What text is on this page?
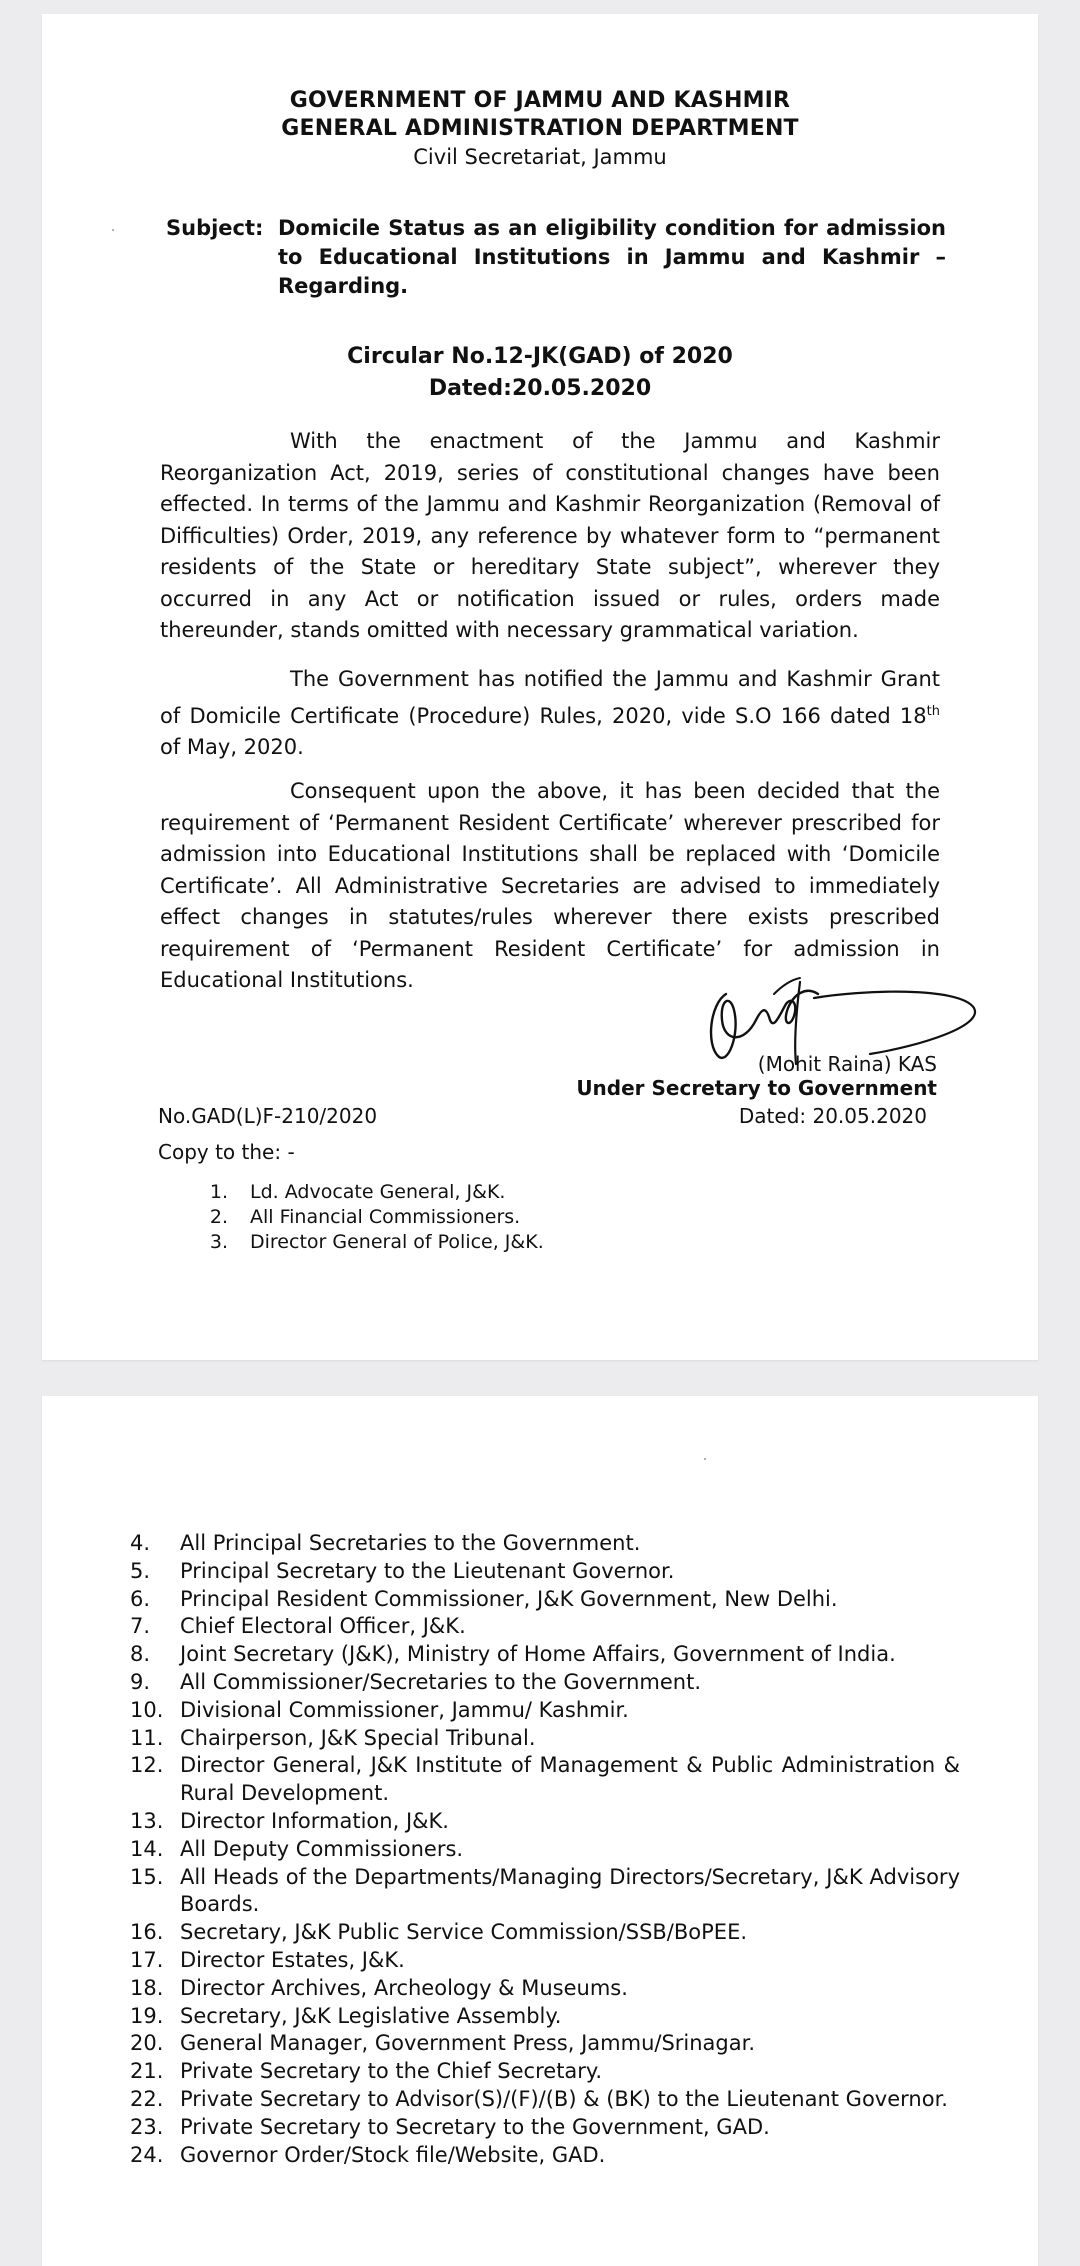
GOVERNMENT OF JAMMU AND KASHMIR
GENERAL ADMINISTRATION DEPARTMENT
Civil Secretariat, Jammu
Subject: Domicile Status as an eligibility condition for admission to Educational Institutions in Jammu and Kashmir – Regarding.
Circular No.12-JK(GAD) of 2020
Dated:20.05.2020
With the enactment of the Jammu and Kashmir Reorganization Act, 2019, series of constitutional changes have been effected. In terms of the Jammu and Kashmir Reorganization (Removal of Difficulties) Order, 2019, any reference by whatever form to “permanent residents of the State or hereditary State subject”, wherever they occurred in any Act or notification issued or rules, orders made thereunder, stands omitted with necessary grammatical variation.
The Government has notified the Jammu and Kashmir Grant of Domicile Certificate (Procedure) Rules, 2020, vide S.O 166 dated 18th of May, 2020.
Consequent upon the above, it has been decided that the requirement of ‘Permanent Resident Certificate’ wherever prescribed for admission into Educational Institutions shall be replaced with ‘Domicile Certificate’. All Administrative Secretaries are advised to immediately effect changes in statutes/rules wherever there exists prescribed requirement of ‘Permanent Resident Certificate’ for admission in Educational Institutions.
(Mohit Raina) KAS
Under Secretary to Government
No.GAD(L)F-210/2020	Dated: 20.05.2020
Copy to the: -
1.	Ld. Advocate General, J&K.
2.	All Financial Commissioners.
3.	Director General of Police, J&K.
4.	All Principal Secretaries to the Government.
5.	Principal Secretary to the Lieutenant Governor.
6.	Principal Resident Commissioner, J&K Government, New Delhi.
7.	Chief Electoral Officer, J&K.
8.	Joint Secretary (J&K), Ministry of Home Affairs, Government of India.
9.	All Commissioner/Secretaries to the Government.
10. Divisional Commissioner, Jammu/ Kashmir.
11. Chairperson, J&K Special Tribunal.
12. Director General, J&K Institute of Management & Public Administration & Rural Development.
13. Director Information, J&K.
14. All Deputy Commissioners.
15. All Heads of the Departments/Managing Directors/Secretary, J&K Advisory Boards.
16. Secretary, J&K Public Service Commission/SSB/BoPEE.
17. Director Estates, J&K.
18. Director Archives, Archeology & Museums.
19. Secretary, J&K Legislative Assembly.
20. General Manager, Government Press, Jammu/Srinagar.
21. Private Secretary to the Chief Secretary.
22. Private Secretary to Advisor(S)/(F)/(B) & (BK) to the Lieutenant Governor.
23. Private Secretary to Secretary to the Government, GAD.
24. Governor Order/Stock file/Website, GAD.
